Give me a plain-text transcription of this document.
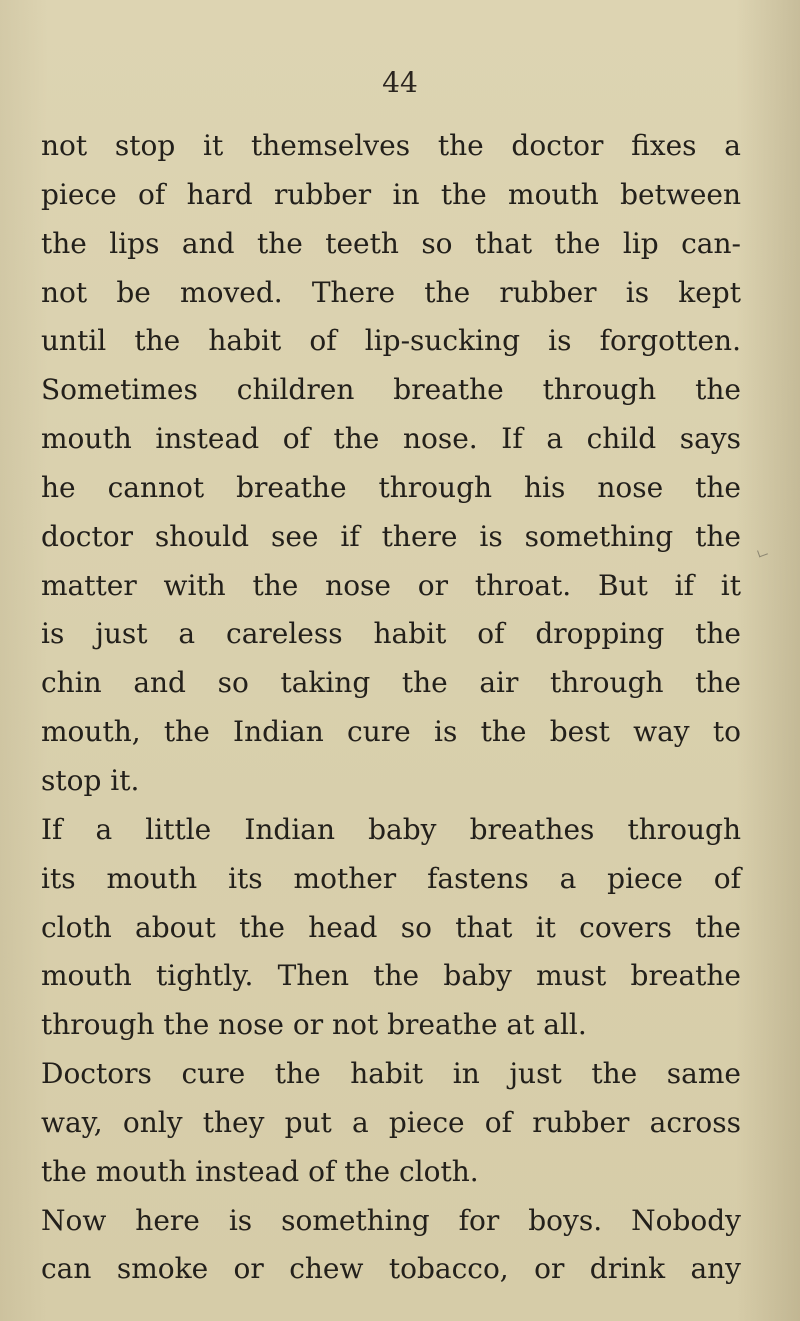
44
not stop it themselves the doctor fixes a
piece of hard rubber in the mouth between
the lips and the teeth so that the lip can-
not be moved. There the rubber is kept
until the habit of lip-sucking is forgotten.
Sometimes children breathe through the
mouth instead of the nose. If a child says
he cannot breathe through his nose the
doctor should see if there is something the
matter with the nose or throat. But if it
is just a careless habit of dropping the
chin and so taking the air through the
mouth, the Indian cure is the best way to
stop it.
If a little Indian baby breathes through
its mouth its mother fastens a piece of
cloth about the head so that it covers the
mouth tightly. Then the baby must breathe
through the nose or not breathe at all.
Doctors cure the habit in just the same
way, only they put a piece of rubber across
the mouth instead of the cloth.
Now here is something for boys. Nobody
can smoke or chew tobacco, or drink any
